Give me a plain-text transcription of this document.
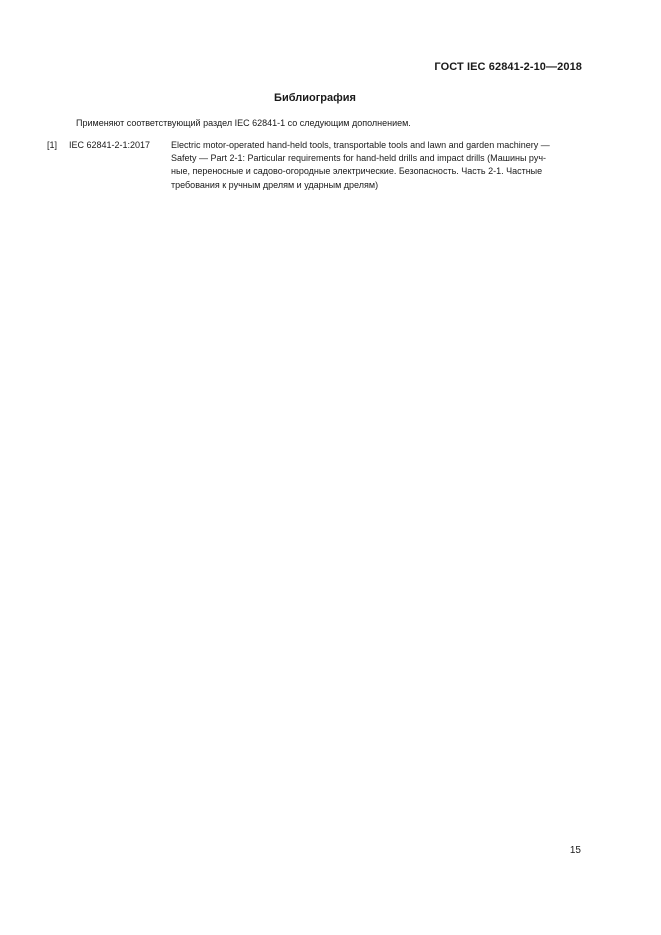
ГОСТ IEC 62841-2-10—2018
Библиография
Применяют соответствующий раздел IEC 62841-1 со следующим дополнением.
[1] IEC 62841-2-1:2017 Electric motor-operated hand-held tools, transportable tools and lawn and garden machinery —
Safety — Part 2-1: Particular requirements for hand-held drills and impact drills (Машины руч-
ные, переносные и садово-огородные электрические. Безопасность. Часть 2-1. Частные
требования к ручным дрелям и ударным дрелям)
15
